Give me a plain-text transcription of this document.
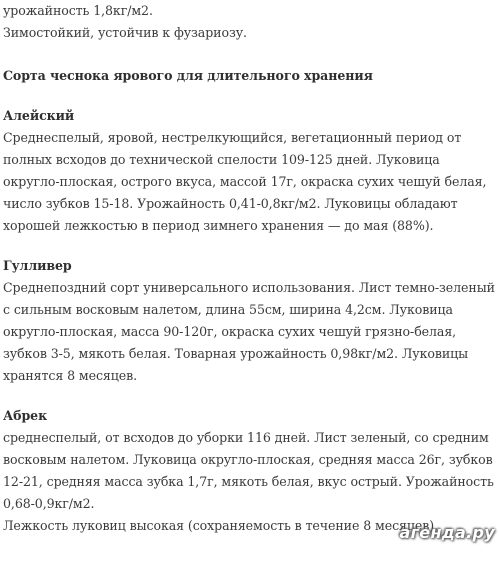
урожайность 1,8кг/м2.
Зимостойкий, устойчив к фузариозу.
Сорта чеснока ярового для длительного хранения
Алейский
Среднеспелый, яровой, нестрелкующийся, вегетационный период от
полных всходов до технической спелости 109-125 дней. Луковица
округло-плоская, острого вкуса, массой 17г, окраска сухих чешуй белая,
число зубков 15-18. Урожайность 0,41-0,8кг/м2. Луковицы обладают
хорошей лежкостью в период зимнего хранения — до мая (88%).
Гулливер
Среднепоздний сорт универсального использования. Лист темно-зеленый
с сильным восковым налетом, длина 55см, ширина 4,2см. Луковица
округло-плоская, масса 90-120г, окраска сухих чешуй грязно-белая,
зубков 3-5, мякоть белая. Товарная урожайность 0,98кг/м2. Луковицы
хранятся 8 месяцев.
Абрек
среднеспелый, от всходов до уборки 116 дней. Лист зеленый, со средним
восковым налетом. Луковица округло-плоская, средняя масса 26г, зубков
12-21, средняя масса зубка 1,7г, мякоть белая, вкус острый. Урожайность
0,68-0,9кг/м2.
Лежкость луковиц высокая (сохраняемость в течение 8 месяцев).
агенда.ру
